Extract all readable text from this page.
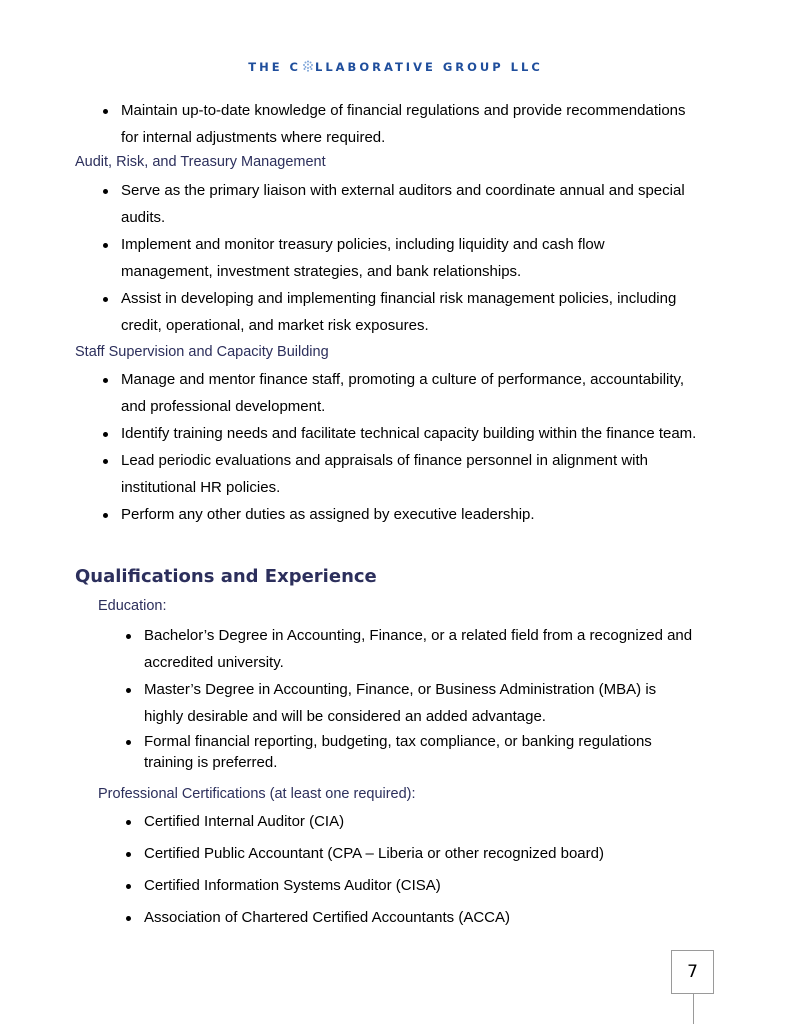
THE C LLABORATIVE GROUP LLC
Maintain up-to-date knowledge of financial regulations and provide recommendations
for internal adjustments where required.
Audit, Risk, and Treasury Management
Serve as the primary liaison with external auditors and coordinate annual and special
audits.
Implement and monitor treasury policies, including liquidity and cash flow
management, investment strategies, and bank relationships.
Assist in developing and implementing financial risk management policies, including
credit, operational, and market risk exposures.
Staff Supervision and Capacity Building
Manage and mentor finance staff, promoting a culture of performance, accountability,
and professional development.
Identify training needs and facilitate technical capacity building within the finance team.
Lead periodic evaluations and appraisals of finance personnel in alignment with
institutional HR policies.
Perform any other duties as assigned by executive leadership.
Qualifications and Experience
Education:
Bachelor’s Degree in Accounting, Finance, or a related field from a recognized and
accredited university.
Master’s Degree in Accounting, Finance, or Business Administration (MBA) is
highly desirable and will be considered an added advantage.
Formal financial reporting, budgeting, tax compliance, or banking regulations
training is preferred.
Professional Certifications (at least one required):
Certified Internal Auditor (CIA)
Certified Public Accountant (CPA – Liberia or other recognized board)
Certified Information Systems Auditor (CISA)
Association of Chartered Certified Accountants (ACCA)
7
